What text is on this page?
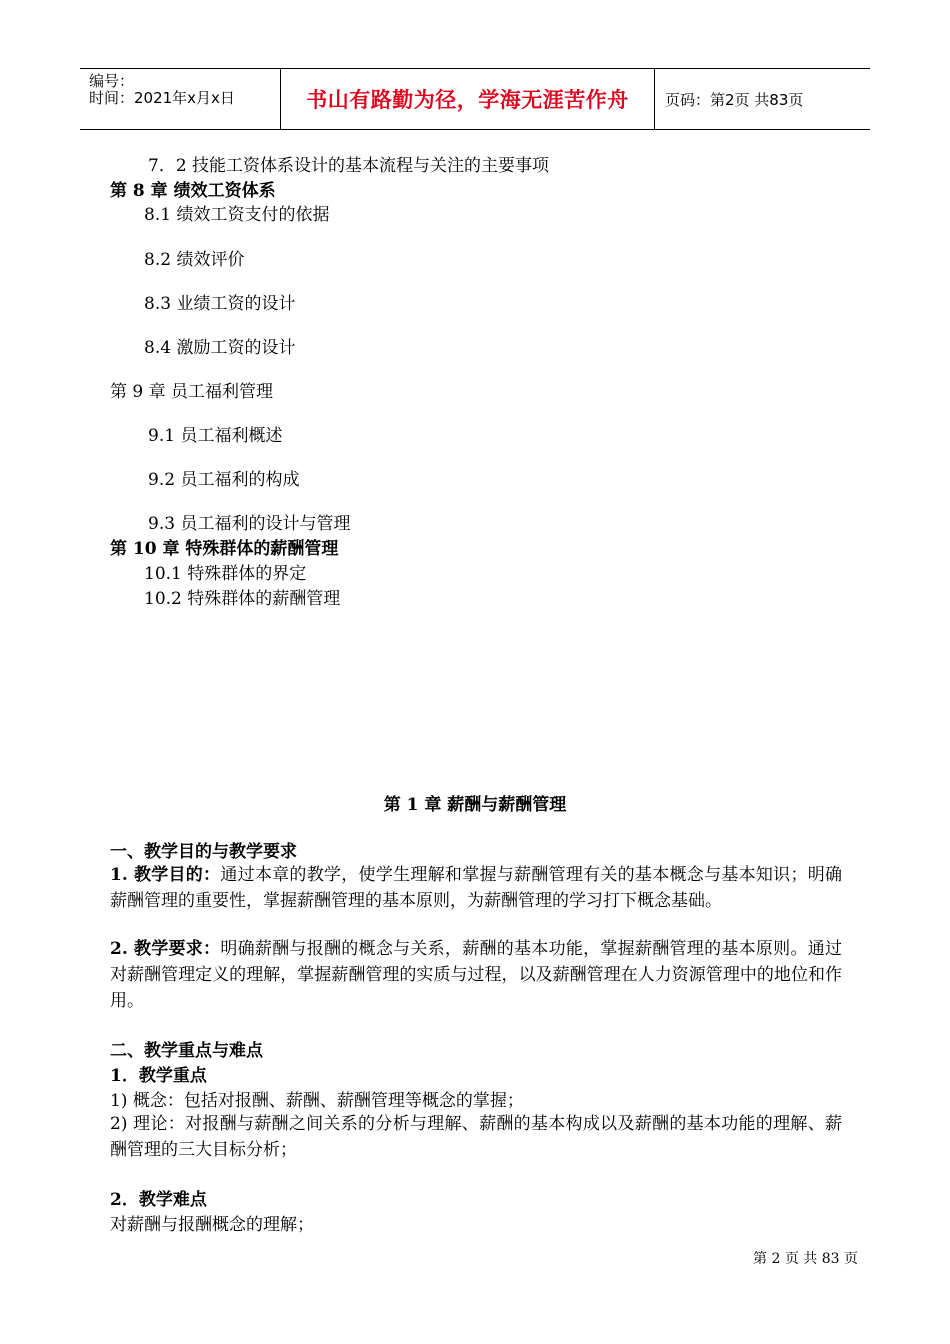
编号：
时间：2021年x月x日	书山有路勤为径，学海无涯苦作舟 页码：第2页 共83页
7．2 技能工资体系设计的基本流程与关注的主要事项
第 8 章 绩效工资体系
8.1 绩效工资支付的依据
8.2 绩效评价
8.3 业绩工资的设计
8.4 激励工资的设计
第 9 章 员工福利管理
9.1 员工福利概述
9.2 员工福利的构成
9.3 员工福利的设计与管理
第 10 章 特殊群体的薪酬管理
10.1 特殊群体的界定
10.2 特殊群体的薪酬管理
第 1 章 薪酬与薪酬管理
一、教学目的与教学要求
1. 教学目的：通过本章的教学，使学生理解和掌握与薪酬管理有关的基本概念与基本知识；明确薪酬管理的重要性，掌握薪酬管理的基本原则，为薪酬管理的学习打下概念基础。
2. 教学要求：明确薪酬与报酬的概念与关系，薪酬的基本功能，掌握薪酬管理的基本原则。通过对薪酬管理定义的理解，掌握薪酬管理的实质与过程，以及薪酬管理在人力资源管理中的地位和作用。
二、教学重点与难点
1．教学重点
1) 概念：包括对报酬、薪酬、薪酬管理等概念的掌握；
2) 理论：对报酬与薪酬之间关系的分析与理解、薪酬的基本构成以及薪酬的基本功能的理解、薪酬管理的三大目标分析；
2．教学难点
对薪酬与报酬概念的理解；
第 2 页 共 83 页
